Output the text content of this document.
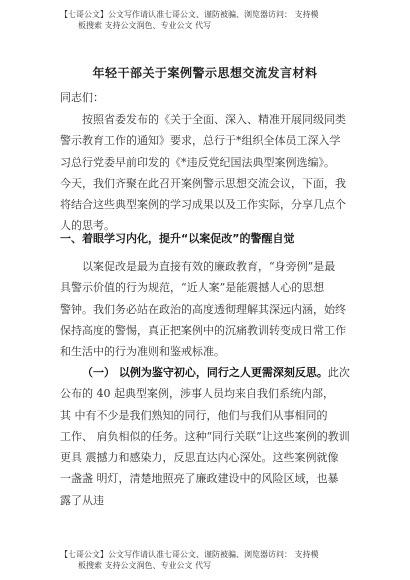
【七哥公文】公文写作请认准七哥公文、谨防被骗、浏览器访问： 支持模
板搜索 支持公文润色、专业公文 代写
年轻干部关于案例警示思想交流发言材料
同志们：
按照省委发布的《关于全面、深入、精准开展同级同类
警示教育工作的通知》要求，总行于*组织全体员工深入学
习总行党委早前印发的《*违反党纪国法典型案例选编》。
今天，我们齐聚在此召开案例警示思想交流会议，下面，我
将结合这些典型案例的学习成果以及工作实际，分享几点个
人的思考。
一、着眼学习内化，提升“以案促改”的警醒自觉
以案促改是最为直接有效的廉政教育，“身旁例”是最
具警示价值的行为规范，“近人案”是能震撼人心的思想
警钟。我们务必站在政治的高度透彻理解其深远内涵，始终
保持高度的警惕，真正把案例中的沉痛教训转变成日常工作
和生活中的行为准则和鉴戒标准。
（一） 以例为鉴守初心，同行之人更需深刻反思。此次
公布的 40 起典型案例，涉事人员均来自我们系统内部，
其 中有不少是我们熟知的同行，他们与我们从事相同的
工作、 肩负相似的任务。这种“同行关联”让这些案例的教训
更具 震撼力和感染力，反思直达内心深处。这些案例就像
一盏盏 明灯，清楚地照亮了廉政建设中的风险区域，也暴
露了从违
【七哥公文】公文写作请认准七哥公文、谨防被骗、浏览器访问： 支持模
板搜索 支持公文润色、专业公文 代写
